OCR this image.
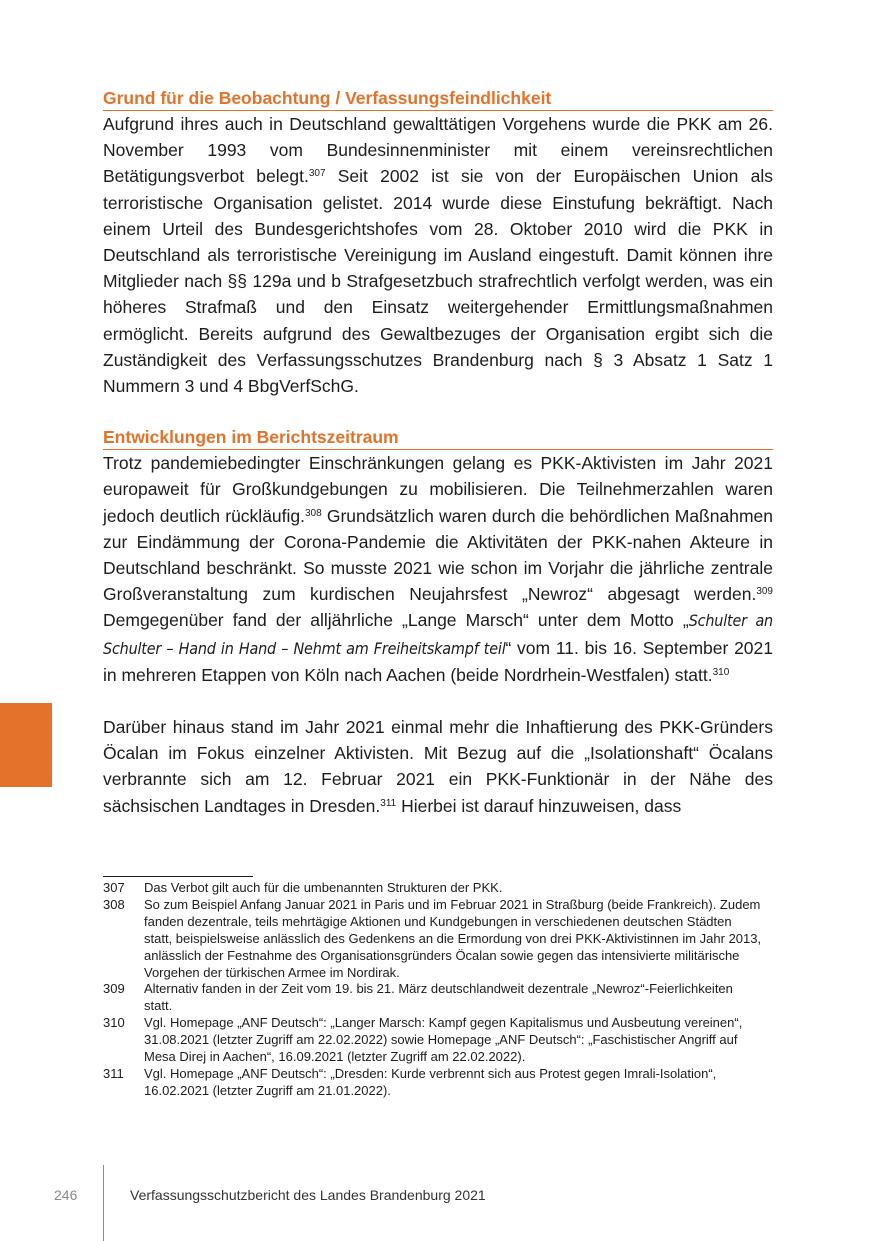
Grund für die Beobachtung / Verfassungsfeindlichkeit

Aufgrund ihres auch in Deutschland gewalttätigen Vorgehens wurde die PKK am 26. November 1993 vom Bundesinnenminister mit einem vereinsrechtlichen Betätigungsverbot belegt.$^{307}$ Seit 2002 ist sie von der Europäischen Union als terroristische Organisation gelistet. 2014 wurde diese Einstufung bekräftigt. Nach einem Urteil des Bundesgerichtshofes vom 28. Oktober 2010 wird die PKK in Deutschland als terroristische Vereinigung im Ausland eingestuft. Damit können ihre Mitglieder nach §§ 129a und b Strafgesetzbuch strafrechtlich verfolgt werden, was ein höheres Strafmaß und den Einsatz weitergehender Ermittlungsmaßnahmen ermöglicht. Bereits aufgrund des Gewaltbezuges der Organisation ergibt sich die Zuständigkeit des Verfassungsschutzes Brandenburg nach § 3 Absatz 1 Satz 1 Nummern 3 und 4 BbgVerfSchG.

Entwicklungen im Berichtszeitraum

Trotz pandemiebedingter Einschränkungen gelang es PKK-Aktivisten im Jahr 2021 europaweit für Großkundgebungen zu mobilisieren. Die Teilnehmerzahlen waren jedoch deutlich rückläufig.$^{308}$ Grundsätzlich waren durch die behördlichen Maßnahmen zur Eindämmung der Corona-Pandemie die Aktivitäten der PKK-nahen Akteure in Deutschland beschränkt. So musste 2021 wie schon im Vorjahr die jährliche zentrale Großveranstaltung zum kurdischen Neujahrsfest „Newroz“ abgesagt werden.$^{309}$ Demgegenüber fand der alljährliche „Lange Marsch“ unter dem Motto „Schulter an Schulter – Hand in Hand – Nehmt am Freiheitskampf teil“ vom 11. bis 16. September 2021 in mehreren Etappen von Köln nach Aachen (beide Nordrhein-Westfalen) statt.$^{310}$

Darüber hinaus stand im Jahr 2021 einmal mehr die Inhaftierung des PKK-Gründers Öcalan im Fokus einzelner Aktivisten. Mit Bezug auf die „Isolationshaft“ Öcalans verbrannte sich am 12. Februar 2021 ein PKK-Funktionär in der Nähe des sächsischen Landtages in Dresden.$^{311}$ Hierbei ist darauf hinzuweisen, dass

307	Das Verbot gilt auch für die umbenannten Strukturen der PKK.
308	So zum Beispiel Anfang Januar 2021 in Paris und im Februar 2021 in Straßburg (beide Frankreich). Zudem fanden dezentrale, teils mehrtägige Aktionen und Kundgebungen in verschiedenen deutschen Städten statt, beispielsweise anlässlich des Gedenkens an die Ermordung von drei PKK-Aktivistinnen im Jahr 2013, anlässlich der Festnahme des Organisationsgründers Öcalan sowie gegen das intensivierte militärische Vorgehen der türkischen Armee im Nordirak.
309	Alternativ fanden in der Zeit vom 19. bis 21. März deutschlandweit dezentrale „Newroz“-Feierlichkeiten statt.
310	Vgl. Homepage „ANF Deutsch“: „Langer Marsch: Kampf gegen Kapitalismus und Ausbeutung vereinen“, 31.08.2021 (letzter Zugriff am 22.02.2022) sowie Homepage „ANF Deutsch“: „Faschistischer Angriff auf Mesa Direj in Aachen“, 16.09.2021 (letzter Zugriff am 22.02.2022).
311	Vgl. Homepage „ANF Deutsch“: „Dresden: Kurde verbrennt sich aus Protest gegen Imrali-Isolation“, 16.02.2021 (letzter Zugriff am 21.01.2022).
246	Verfassungsschutzbericht des Landes Brandenburg 2021
